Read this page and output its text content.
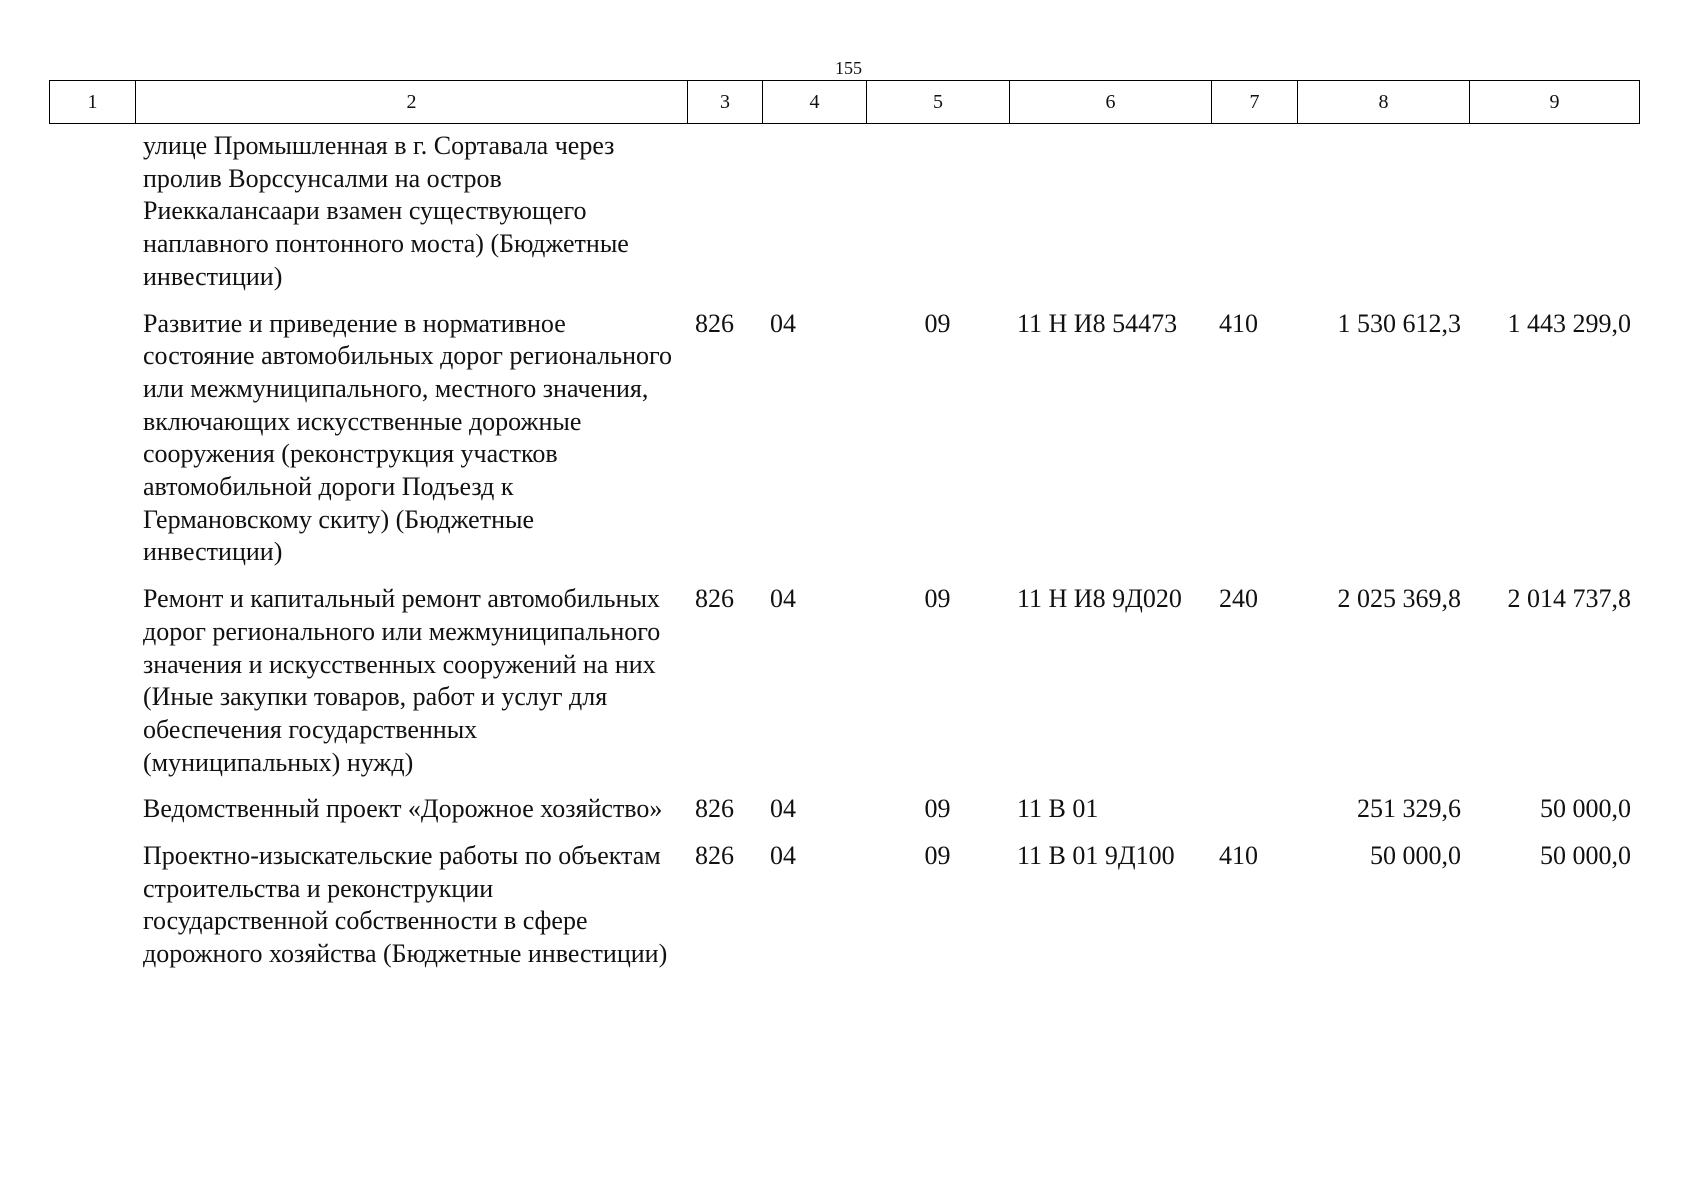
155
1	2	3	4	5	6	7	8	9
улице Промышленная в г. Сортавала через пролив Ворссунсалми на остров Риеккалансаари взамен существующего наплавного понтонного моста) (Бюджетные инвестиции)							
Развитие и приведение в нормативное состояние автомобильных дорог регионального или межмуниципального, местного значения, включающих искусственные дорожные сооружения (реконструкция участков автомобильной дороги Подъезд к Германовскому скиту) (Бюджетные инвестиции)	826	04	09	11 Н И8 54473	410	1 530 612,3	1 443 299,0
Ремонт и капитальный ремонт автомобильных дорог регионального или межмуниципального значения и искусственных сооружений на них (Иные закупки товаров, работ и услуг для обеспечения государственных (муниципальных) нужд)	826	04	09	11 Н И8 9Д020	240	2 025 369,8	2 014 737,8
Ведомственный проект «Дорожное хозяйство»	826	04	09	11 В 01		251 329,6	50 000,0
Проектно-изыскательские работы по объектам строительства и реконструкции государственной собственности в сфере дорожного хозяйства (Бюджетные инвестиции)	826	04	09	11 В 01 9Д100	410	50 000,0	50 000,0
